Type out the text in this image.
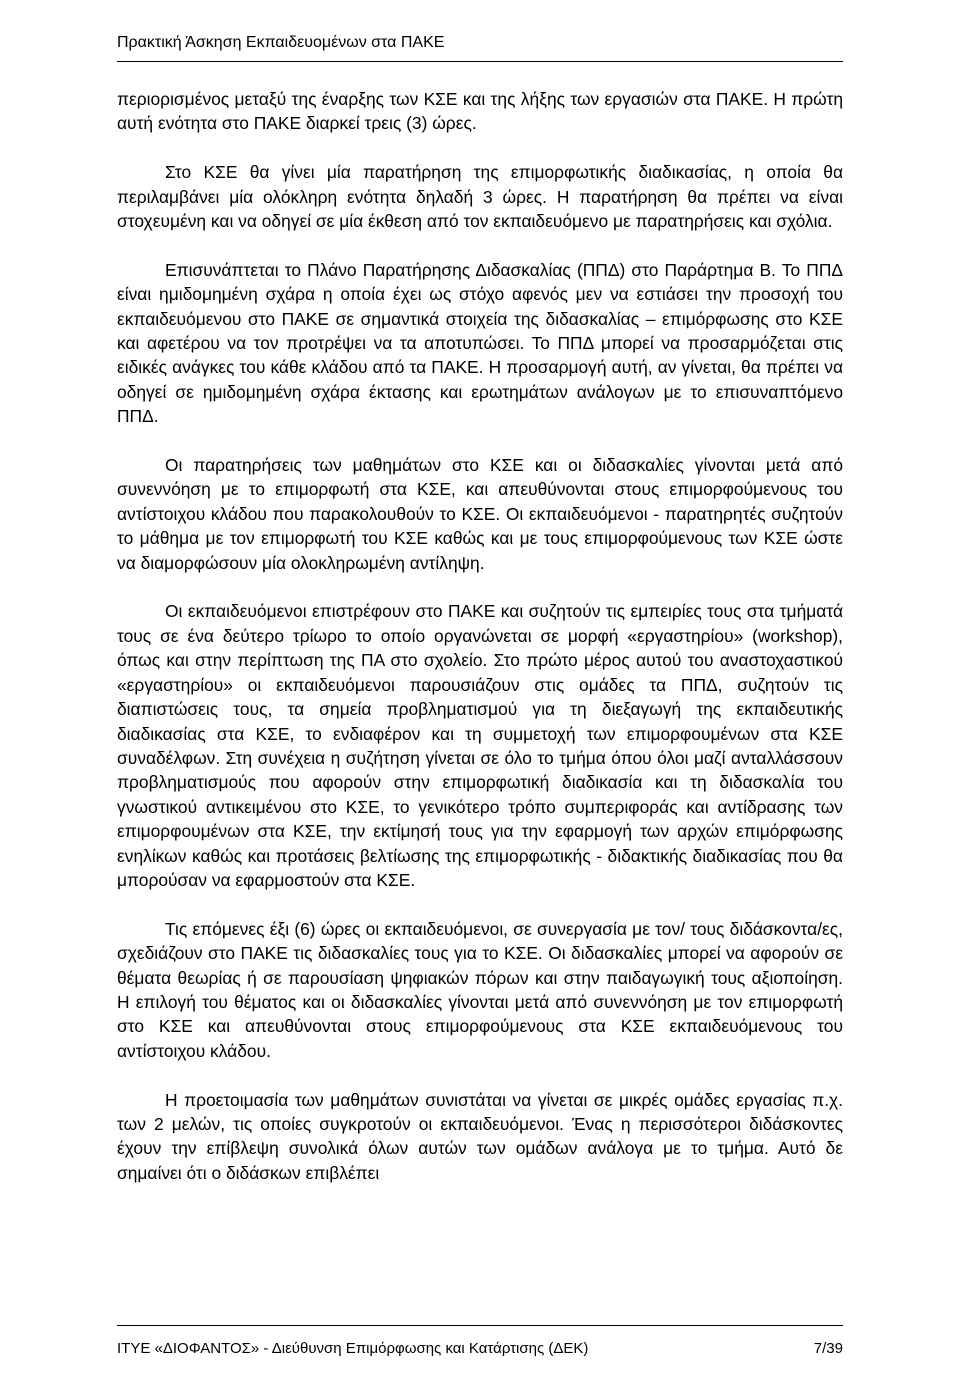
Πρακτική Άσκηση Εκπαιδευομένων στα ΠΑΚΕ

περιορισμένος μεταξύ της έναρξης των ΚΣΕ και της λήξης των εργασιών στα ΠΑΚΕ. Η πρώτη αυτή ενότητα στο ΠΑΚΕ διαρκεί τρεις (3) ώρες.

Στο ΚΣΕ θα γίνει μία παρατήρηση της επιμορφωτικής διαδικασίας, η οποία θα περιλαμβάνει μία ολόκληρη ενότητα δηλαδή 3 ώρες. Η παρατήρηση θα πρέπει να είναι στοχευμένη και να οδηγεί σε μία έκθεση από τον εκπαιδευόμενο με παρατηρήσεις και σχόλια.

Επισυνάπτεται το Πλάνο Παρατήρησης Διδασκαλίας (ΠΠΔ) στο Παράρτημα Β. Το ΠΠΔ είναι ημιδομημένη σχάρα η οποία έχει ως στόχο αφενός μεν να εστιάσει την προσοχή του εκπαιδευόμενου στο ΠΑΚΕ σε σημαντικά στοιχεία της διδασκαλίας – επιμόρφωσης στο ΚΣΕ και αφετέρου να τον προτρέψει να τα αποτυπώσει. Το ΠΠΔ μπορεί να προσαρμόζεται στις ειδικές ανάγκες του κάθε κλάδου από τα ΠΑΚΕ. Η προσαρμογή αυτή, αν γίνεται, θα πρέπει να οδηγεί σε ημιδομημένη σχάρα έκτασης και ερωτημάτων ανάλογων με το επισυναπτόμενο ΠΠΔ.

Οι παρατηρήσεις των μαθημάτων στο ΚΣΕ και οι διδασκαλίες γίνονται μετά από συνεννόηση με το επιμορφωτή στα ΚΣΕ, και απευθύνονται στους επιμορφούμενους του αντίστοιχου κλάδου που παρακολουθούν το ΚΣΕ. Οι εκπαιδευόμενοι - παρατηρητές συζητούν το μάθημα με τον επιμορφωτή του ΚΣΕ καθώς και με τους επιμορφούμενους των ΚΣΕ ώστε να διαμορφώσουν μία ολοκληρωμένη αντίληψη.

Οι εκπαιδευόμενοι επιστρέφουν στο ΠΑΚΕ και συζητούν τις εμπειρίες τους στα τμήματά τους σε ένα δεύτερο τρίωρο το οποίο οργανώνεται σε μορφή «εργαστηρίου» (workshop), όπως και στην περίπτωση της ΠΑ στο σχολείο. Στο πρώτο μέρος αυτού του αναστοχαστικού «εργαστηρίου» οι εκπαιδευόμενοι παρουσιάζουν στις ομάδες τα ΠΠΔ, συζητούν τις διαπιστώσεις τους, τα σημεία προβληματισμού για τη διεξαγωγή της εκπαιδευτικής διαδικασίας στα ΚΣΕ, το ενδιαφέρον και τη συμμετοχή των επιμορφουμένων στα ΚΣΕ συναδέλφων. Στη συνέχεια η συζήτηση γίνεται σε όλο το τμήμα όπου όλοι μαζί ανταλλάσσουν προβληματισμούς που αφορούν στην επιμορφωτική διαδικασία και τη διδασκαλία του γνωστικού αντικειμένου στο ΚΣΕ, το γενικότερο τρόπο συμπεριφοράς και αντίδρασης των επιμορφουμένων στα ΚΣΕ, την εκτίμησή τους για την εφαρμογή των αρχών επιμόρφωσης ενηλίκων καθώς και προτάσεις βελτίωσης της επιμορφωτικής - διδακτικής διαδικασίας που θα μπορούσαν να εφαρμοστούν στα ΚΣΕ.

Τις επόμενες έξι (6) ώρες οι εκπαιδευόμενοι, σε συνεργασία με τον/ τους διδάσκοντα/ες, σχεδιάζουν στο ΠΑΚΕ τις διδασκαλίες τους για το ΚΣΕ. Οι διδασκαλίες μπορεί να αφορούν σε θέματα θεωρίας ή σε παρουσίαση ψηφιακών πόρων και στην παιδαγωγική τους αξιοποίηση. Η επιλογή του θέματος και οι διδασκαλίες γίνονται μετά από συνεννόηση με τον επιμορφωτή στο ΚΣΕ και απευθύνονται στους επιμορφούμενους στα ΚΣΕ εκπαιδευόμενους του αντίστοιχου κλάδου.

Η προετοιμασία των μαθημάτων συνιστάται να γίνεται σε μικρές ομάδες εργασίας π.χ. των 2 μελών, τις οποίες συγκροτούν οι εκπαιδευόμενοι. Ένας η περισσότεροι διδάσκοντες έχουν την επίβλεψη συνολικά όλων αυτών των ομάδων ανάλογα με το τμήμα. Αυτό δε σημαίνει ότι ο διδάσκων επιβλέπει

ΙΤΥΕ «ΔΙΟΦΑΝΤΟΣ» - Διεύθυνση Επιμόρφωσης και Κατάρτισης (ΔΕΚ)	7/39
